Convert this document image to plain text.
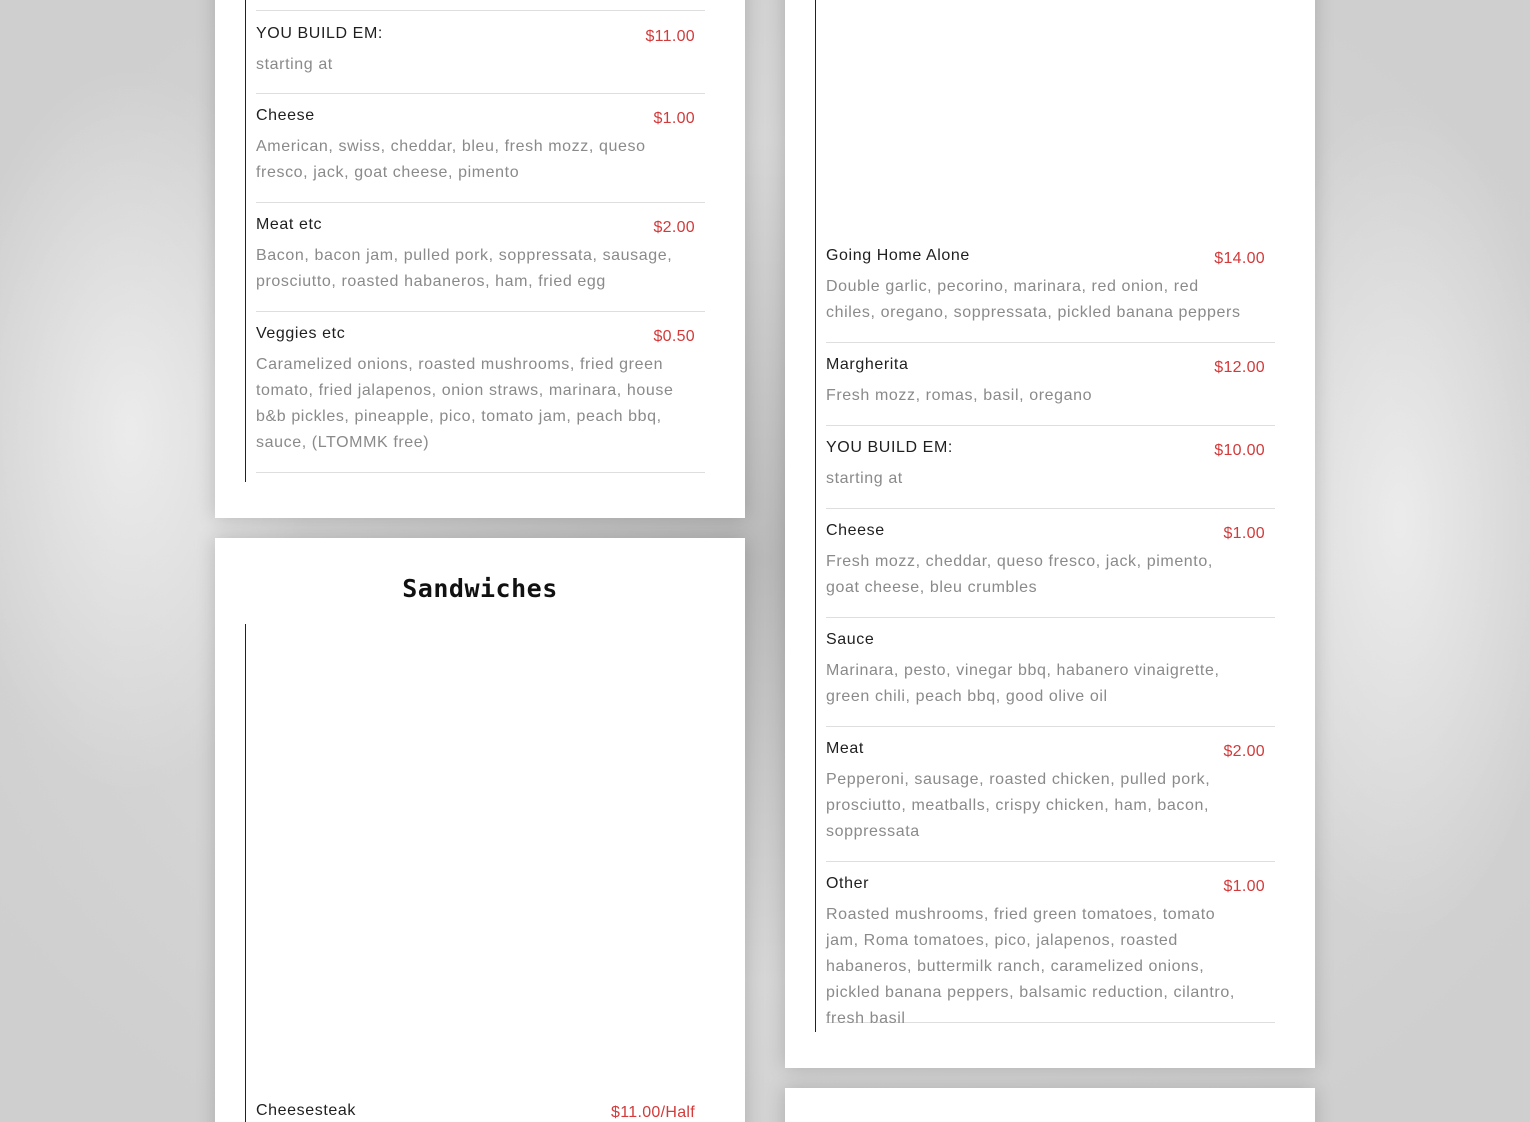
YOU BUILD EM:	$11.00
starting at
Cheese	$1.00
American, swiss, cheddar, bleu, fresh mozz, queso fresco, jack, goat cheese, pimento
Meat etc	$2.00
Bacon, bacon jam, pulled pork, soppressata, sausage, prosciutto, roasted habaneros, ham, fried egg
Veggies etc	$0.50
Caramelized onions, roasted mushrooms, fried green tomato, fried jalapenos, onion straws, marinara, house b&b pickles, pineapple, pico, tomato jam, peach bbq, sauce, (LTOMMK free)
Sandwiches
Cheesesteak	$11.00/Half
Going Home Alone	$14.00
Double garlic, pecorino, marinara, red onion, red chiles, oregano, soppressata, pickled banana peppers
Margherita	$12.00
Fresh mozz, romas, basil, oregano
YOU BUILD EM:	$10.00
starting at
Cheese	$1.00
Fresh mozz, cheddar, queso fresco, jack, pimento, goat cheese, bleu crumbles
Sauce
Marinara, pesto, vinegar bbq, habanero vinaigrette, green chili, peach bbq, good olive oil
Meat	$2.00
Pepperoni, sausage, roasted chicken, pulled pork, prosciutto, meatballs, crispy chicken, ham, bacon, soppressata
Other	$1.00
Roasted mushrooms, fried green tomatoes, tomato jam, Roma tomatoes, pico, jalapenos, roasted habaneros, buttermilk ranch, caramelized onions, pickled banana peppers, balsamic reduction, cilantro, fresh basil
